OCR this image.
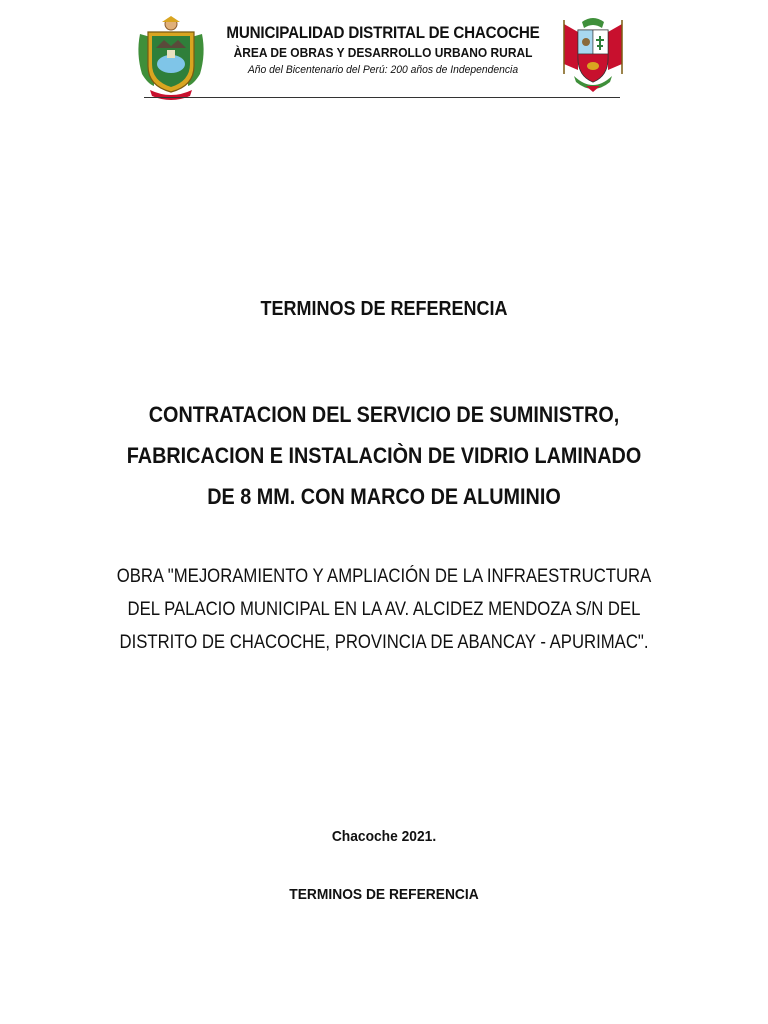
MUNICIPALIDAD DISTRITAL DE CHACOCHE
ÀREA DE OBRAS Y DESARROLLO URBANO RURAL
Año del Bicentenario del Perú: 200 años de Independencia
TERMINOS DE REFERENCIA
CONTRATACION DEL SERVICIO DE SUMINISTRO,
FABRICACION E INSTALACIÒN DE VIDRIO LAMINADO
DE 8 MM. CON MARCO DE ALUMINIO
OBRA "MEJORAMIENTO Y AMPLIACIÓN DE LA INFRAESTRUCTURA
DEL PALACIO MUNICIPAL EN LA AV. ALCIDEZ MENDOZA S/N DEL
DISTRITO DE CHACOCHE, PROVINCIA DE ABANCAY - APURIMAC".
Chacoche 2021.
TERMINOS DE REFERENCIA
